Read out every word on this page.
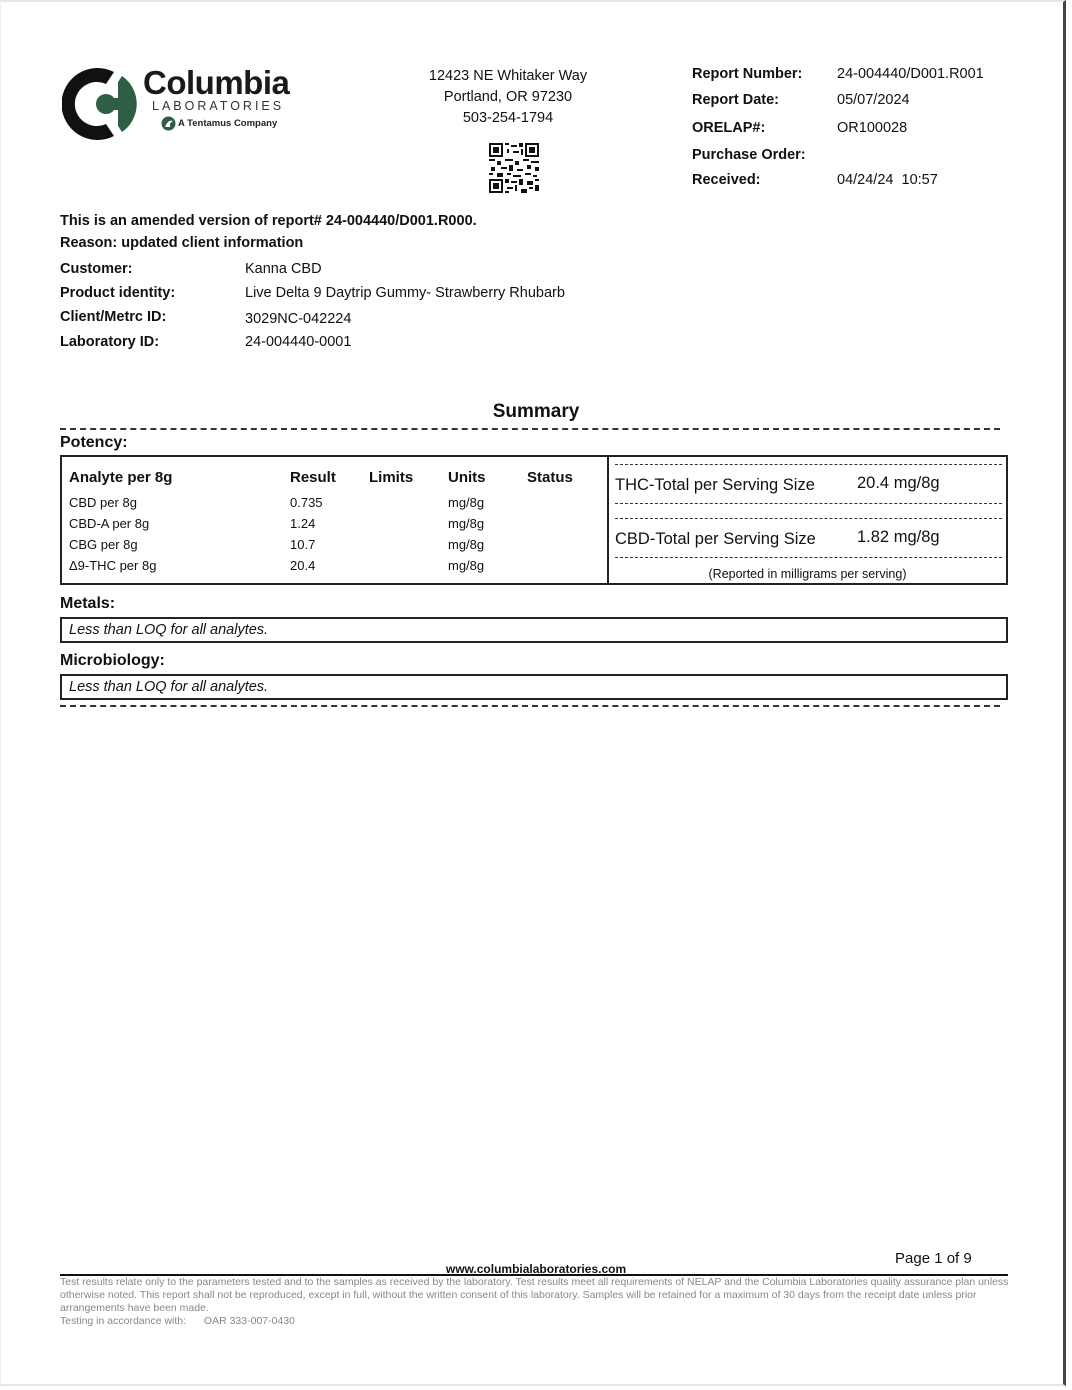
Columbia
LABORATORIES
A Tentamus Company
12423 NE Whitaker Way
Portland, OR 97230
503-254-1794
Report Number: 24-004440/D001.R001
Report Date:	05/07/2024
ORELAP#:	OR100028
Purchase Order:
Received:	04/24/24  10:57
This is an amended version of report# 24-004440/D001.R000.
Reason: updated client information
Customer:	Kanna CBD
Product identity:	Live Delta 9 Daytrip Gummy- Strawberry Rhubarb
Client/Metrc ID:	3029NC-042224
Laboratory ID:	24-004440-0001
Summary
Potency:
Analyte per 8g	Result Limits Units	Status
CBD per 8g	0.735	mg/8g
CBD-A per 8g	1.24	mg/8g
CBG per 8g	10.7	mg/8g
Δ9-THC per 8g	20.4	mg/8g
THC-Total per Serving Size	20.4 mg/8g
CBD-Total per Serving Size 1.82 mg/8g
(Reported in milligrams per serving)
Metals:
Less than LOQ for all analytes.
Microbiology:
Less than LOQ for all analytes.
Page 1 of 9
www.columbialaboratories.com
Test results relate only to the parameters tested and to the samples as received by the laboratory. Test results meet all requirements of NELAP and the Columbia Laboratories quality assurance plan unless otherwise noted. This report shall not be reproduced, except in full, without the written consent of this laboratory. Samples will be retained for a maximum of 30 days from the receipt date unless prior arrangements have been made.
Testing in accordance with: OAR 333-007-0430
